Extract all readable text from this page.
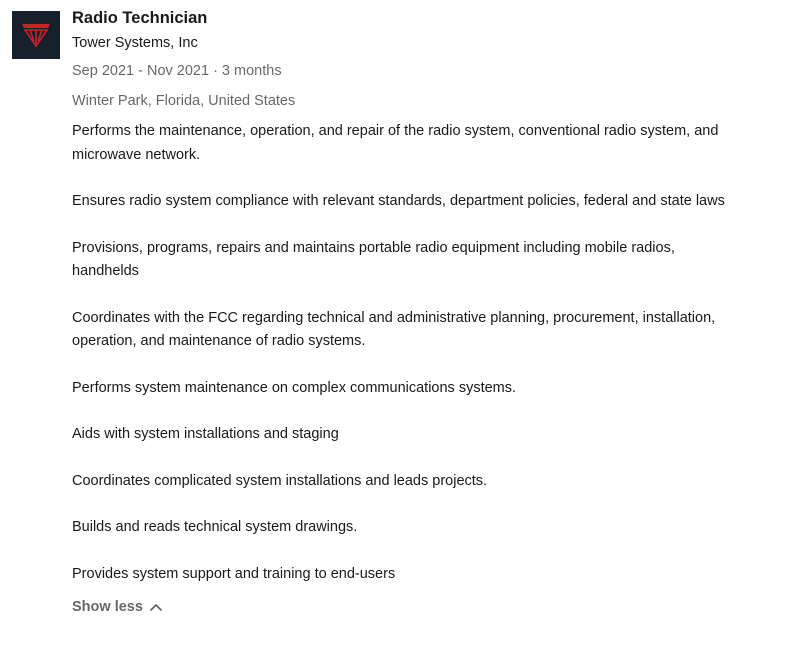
Radio Technician
Tower Systems, Inc
Sep 2021 - Nov 2021 · 3 months
Winter Park, Florida, United States

Performs the maintenance, operation, and repair of the radio system, conventional radio system, and microwave network.

Ensures radio system compliance with relevant standards, department policies, federal and state laws

Provisions, programs, repairs and maintains portable radio equipment including mobile radios, handhelds

Coordinates with the FCC regarding technical and administrative planning, procurement, installation, operation, and maintenance of radio systems.

Performs system maintenance on complex communications systems.

Aids with system installations and staging

Coordinates complicated system installations and leads projects.

Builds and reads technical system drawings.

Provides system support and training to end-users

Show less
